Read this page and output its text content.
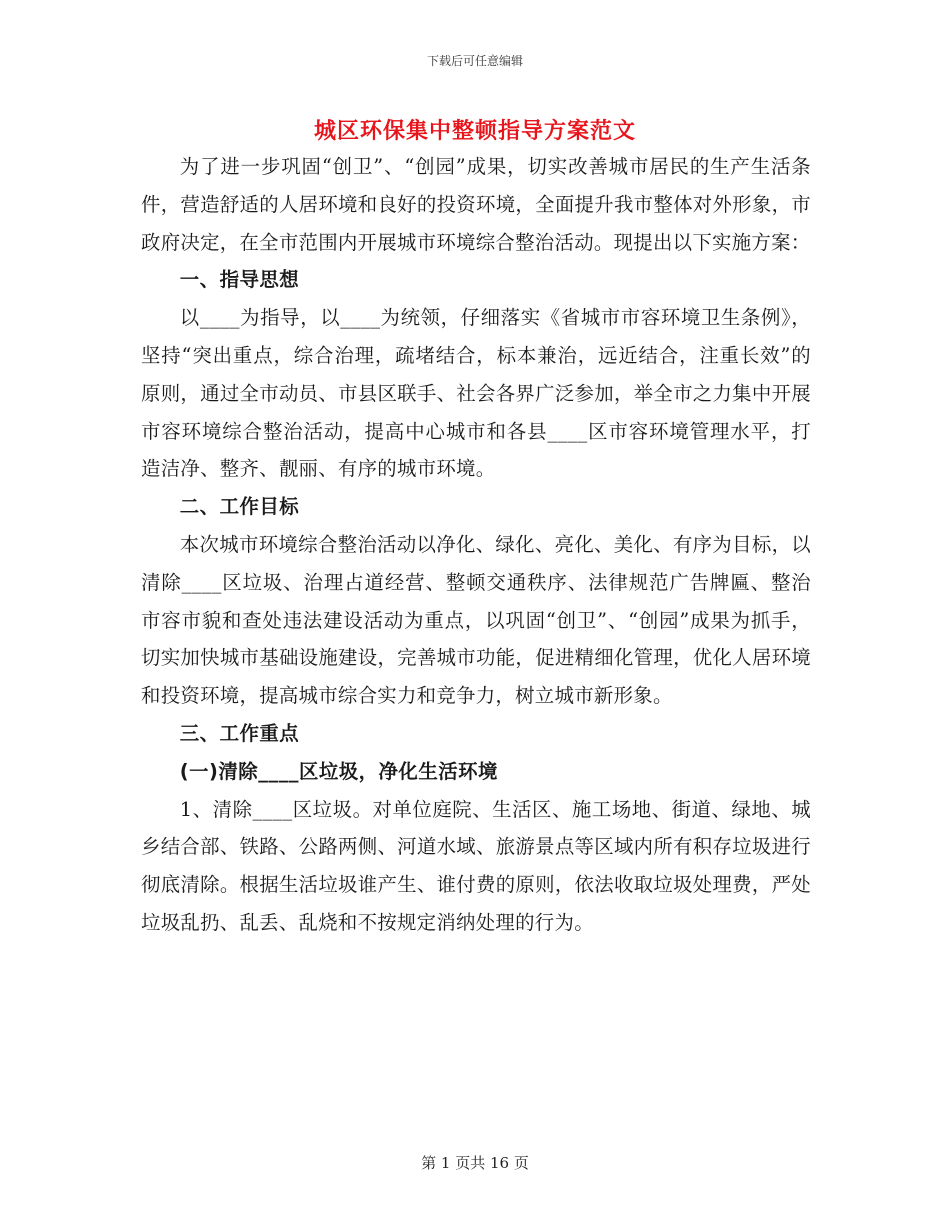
下载后可任意编辑
城区环保集中整顿指导方案范文

为了进一步巩固“创卫”、“创园”成果，切实改善城市居民的生产生活条件，营造舒适的人居环境和良好的投资环境，全面提升我市整体对外形象，市政府决定，在全市范围内开展城市环境综合整治活动。现提出以下实施方案：

一、指导思想

以____为指导，以____为统领，仔细落实《省城市市容环境卫生条例》，坚持“突出重点，综合治理，疏堵结合，标本兼治，远近结合，注重长效”的原则，通过全市动员、市县区联手、社会各界广泛参加，举全市之力集中开展市容环境综合整治活动，提高中心城市和各县____区市容环境管理水平，打造洁净、整齐、靓丽、有序的城市环境。

二、工作目标

本次城市环境综合整治活动以净化、绿化、亮化、美化、有序为目标，以清除____区垃圾、治理占道经营、整顿交通秩序、法律规范广告牌匾、整治市容市貌和查处违法建设活动为重点，以巩固“创卫”、“创园”成果为抓手，切实加快城市基础设施建设，完善城市功能，促进精细化管理，优化人居环境和投资环境，提高城市综合实力和竞争力，树立城市新形象。

三、工作重点

(一)清除____区垃圾，净化生活环境

1、清除____区垃圾。对单位庭院、生活区、施工场地、街道、绿地、城乡结合部、铁路、公路两侧、河道水域、旅游景点等区域内所有积存垃圾进行彻底清除。根据生活垃圾谁产生、谁付费的原则，依法收取垃圾处理费，严处垃圾乱扔、乱丢、乱烧和不按规定消纳处理的行为。

第 1 页共 16 页
